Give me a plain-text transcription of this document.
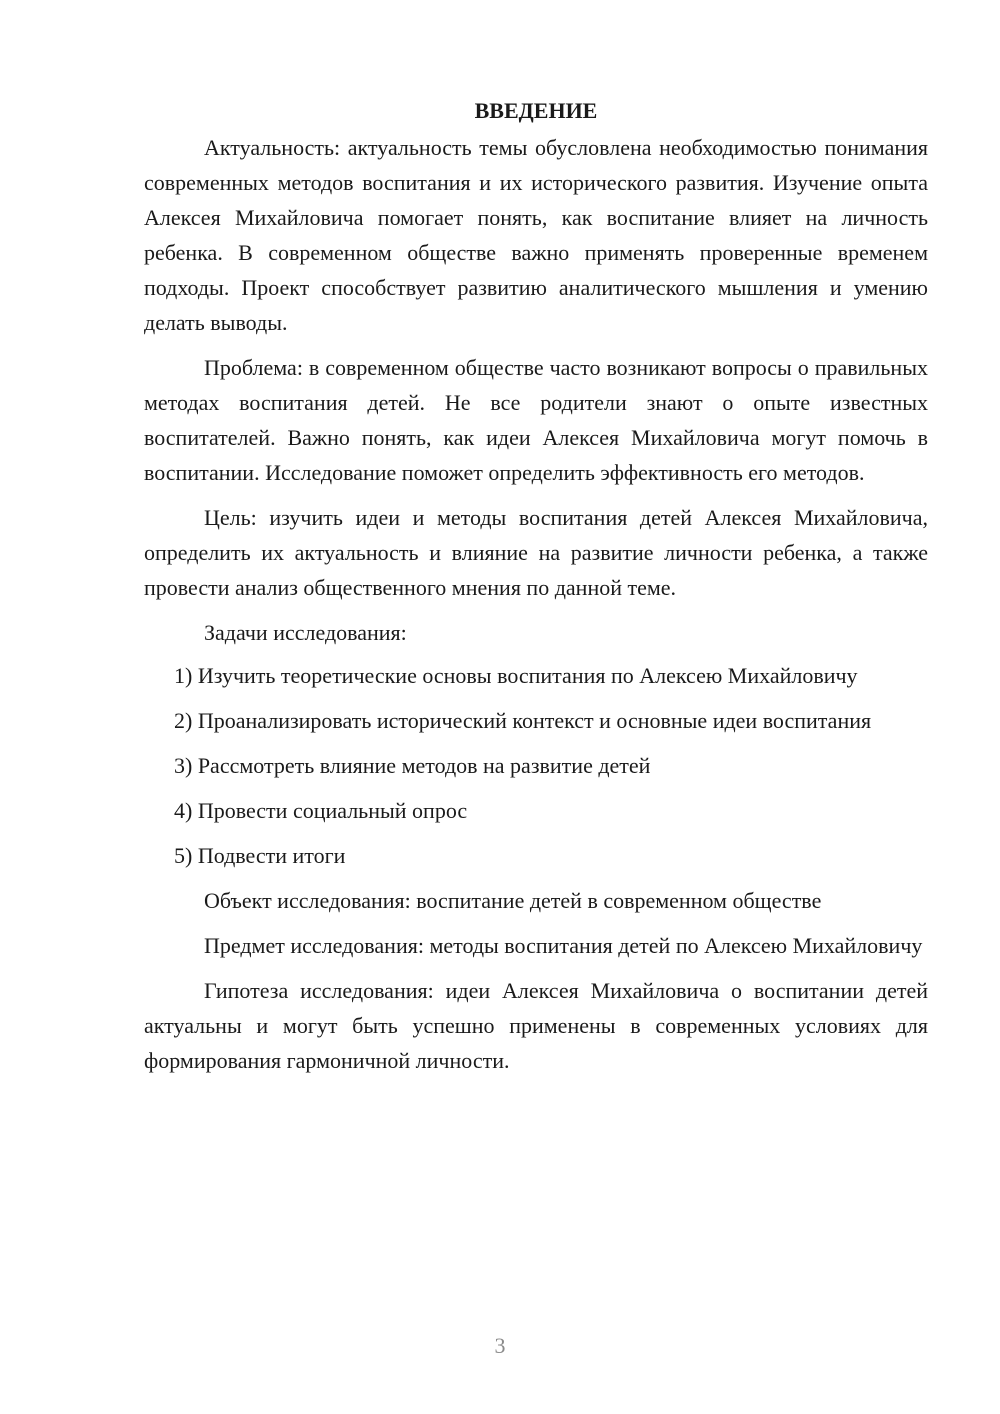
ВВЕДЕНИЕ

Актуальность: актуальность темы обусловлена необходимостью понимания современных методов воспитания и их исторического развития. Изучение опыта Алексея Михайловича помогает понять, как воспитание влияет на личность ребенка. В современном обществе важно применять проверенные временем подходы. Проект способствует развитию аналитического мышления и умению делать выводы.

Проблема: в современном обществе часто возникают вопросы о правильных методах воспитания детей. Не все родители знают о опыте известных воспитателей. Важно понять, как идеи Алексея Михайловича могут помочь в воспитании. Исследование поможет определить эффективность его методов.

Цель: изучить идеи и методы воспитания детей Алексея Михайловича, определить их актуальность и влияние на развитие личности ребенка, а также провести анализ общественного мнения по данной теме.

Задачи исследования:

1) Изучить теоретические основы воспитания по Алексею Михайловичу

2) Проанализировать исторический контекст и основные идеи воспитания

3) Рассмотреть влияние методов на развитие детей

4) Провести социальный опрос

5) Подвести итоги

Объект исследования: воспитание детей в современном обществе

Предмет исследования: методы воспитания детей по Алексею Михайловичу

Гипотеза исследования: идеи Алексея Михайловича о воспитании детей актуальны и могут быть успешно применены в современных условиях для формирования гармоничной личности.

3
